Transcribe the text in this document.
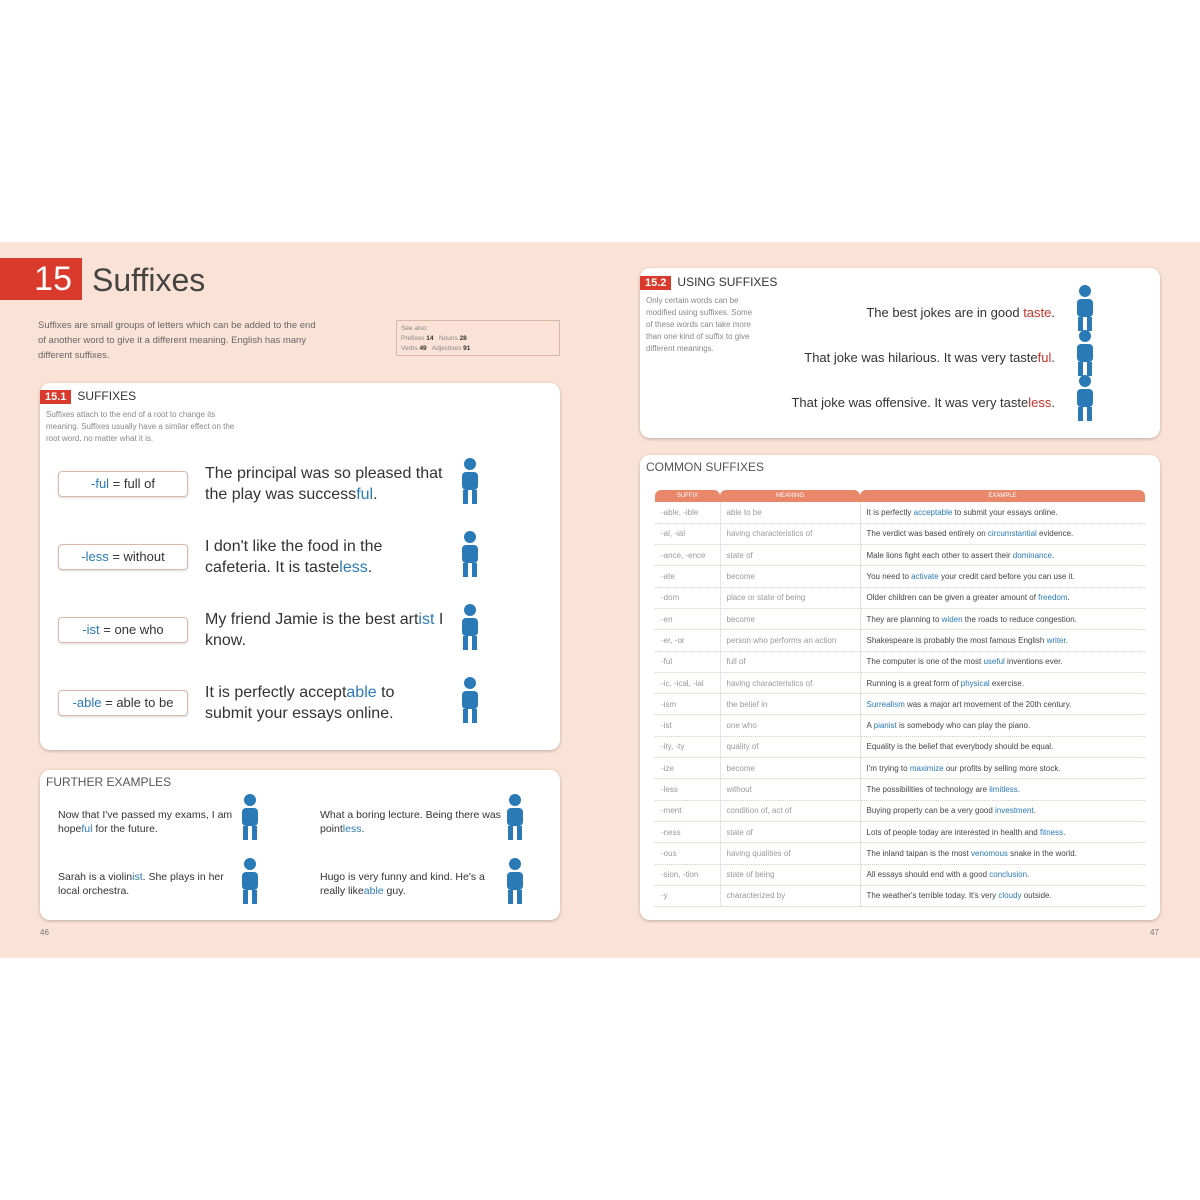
15 Suffixes
Suffixes are small groups of letters which can be added to the end of another word to give it a different meaning. English has many different suffixes.
See also:
Prefixes 14 Nouns 28
Verbs 49 Adjectives 91
15.1 SUFFIXES
Suffixes attach to the end of a root to change its meaning. Suffixes usually have a similar effect on the root word, no matter what it is.
-ful = full of
The principal was so pleased that the play was successful.
-less = without
I don't like the food in the cafeteria. It is tasteless.
-ist = one who
My friend Jamie is the best artist I know.
-able = able to be
It is perfectly acceptable to submit your essays online.
FURTHER EXAMPLES
Now that I've passed my exams, I am hopeful for the future.
What a boring lecture. Being there was pointless.
Sarah is a violinist. She plays in her local orchestra.
Hugo is very funny and kind. He's a really likeable guy.
15.2 USING SUFFIXES
Only certain words can be modified using suffixes. Some of these words can take more than one kind of suffix to give different meanings.
The best jokes are in good taste.
That joke was hilarious. It was very tasteful.
That joke was offensive. It was very tasteless.
COMMON SUFFIXES
SUFFIX	MEANING	EXAMPLE
-able, -ible	able to be	It is perfectly acceptable to submit your essays online.
-al, -ial	having characteristics of	The verdict was based entirely on circumstantial evidence.
-ance, -ence	state of	Male lions fight each other to assert their dominance.
-ate	become	You need to activate your credit card before you can use it.
-dom	place or state of being	Older children can be given a greater amount of freedom.
-en	become	They are planning to widen the roads to reduce congestion.
-er, -or	person who performs an action	Shakespeare is probably the most famous English writer.
-ful	full of	The computer is one of the most useful inventions ever.
-ic, -ical, -ial	having characteristics of	Running is a great form of physical exercise.
-ism	the belief in	Surrealism was a major art movement of the 20th century.
-ist	one who	A pianist is somebody who can play the piano.
-ity, -ty	quality of	Equality is the belief that everybody should be equal.
-ize	become	I'm trying to maximize our profits by selling more stock.
-less	without	The possibilities of technology are limitless.
-ment	condition of, act of	Buying property can be a very good investment.
-ness	state of	Lots of people today are interested in health and fitness.
-ous	having qualities of	The inland taipan is the most venomous snake in the world.
-sion, -tion	state of being	All essays should end with a good conclusion.
-y	characterized by	The weather's terrible today. It's very cloudy outside.
46	47
